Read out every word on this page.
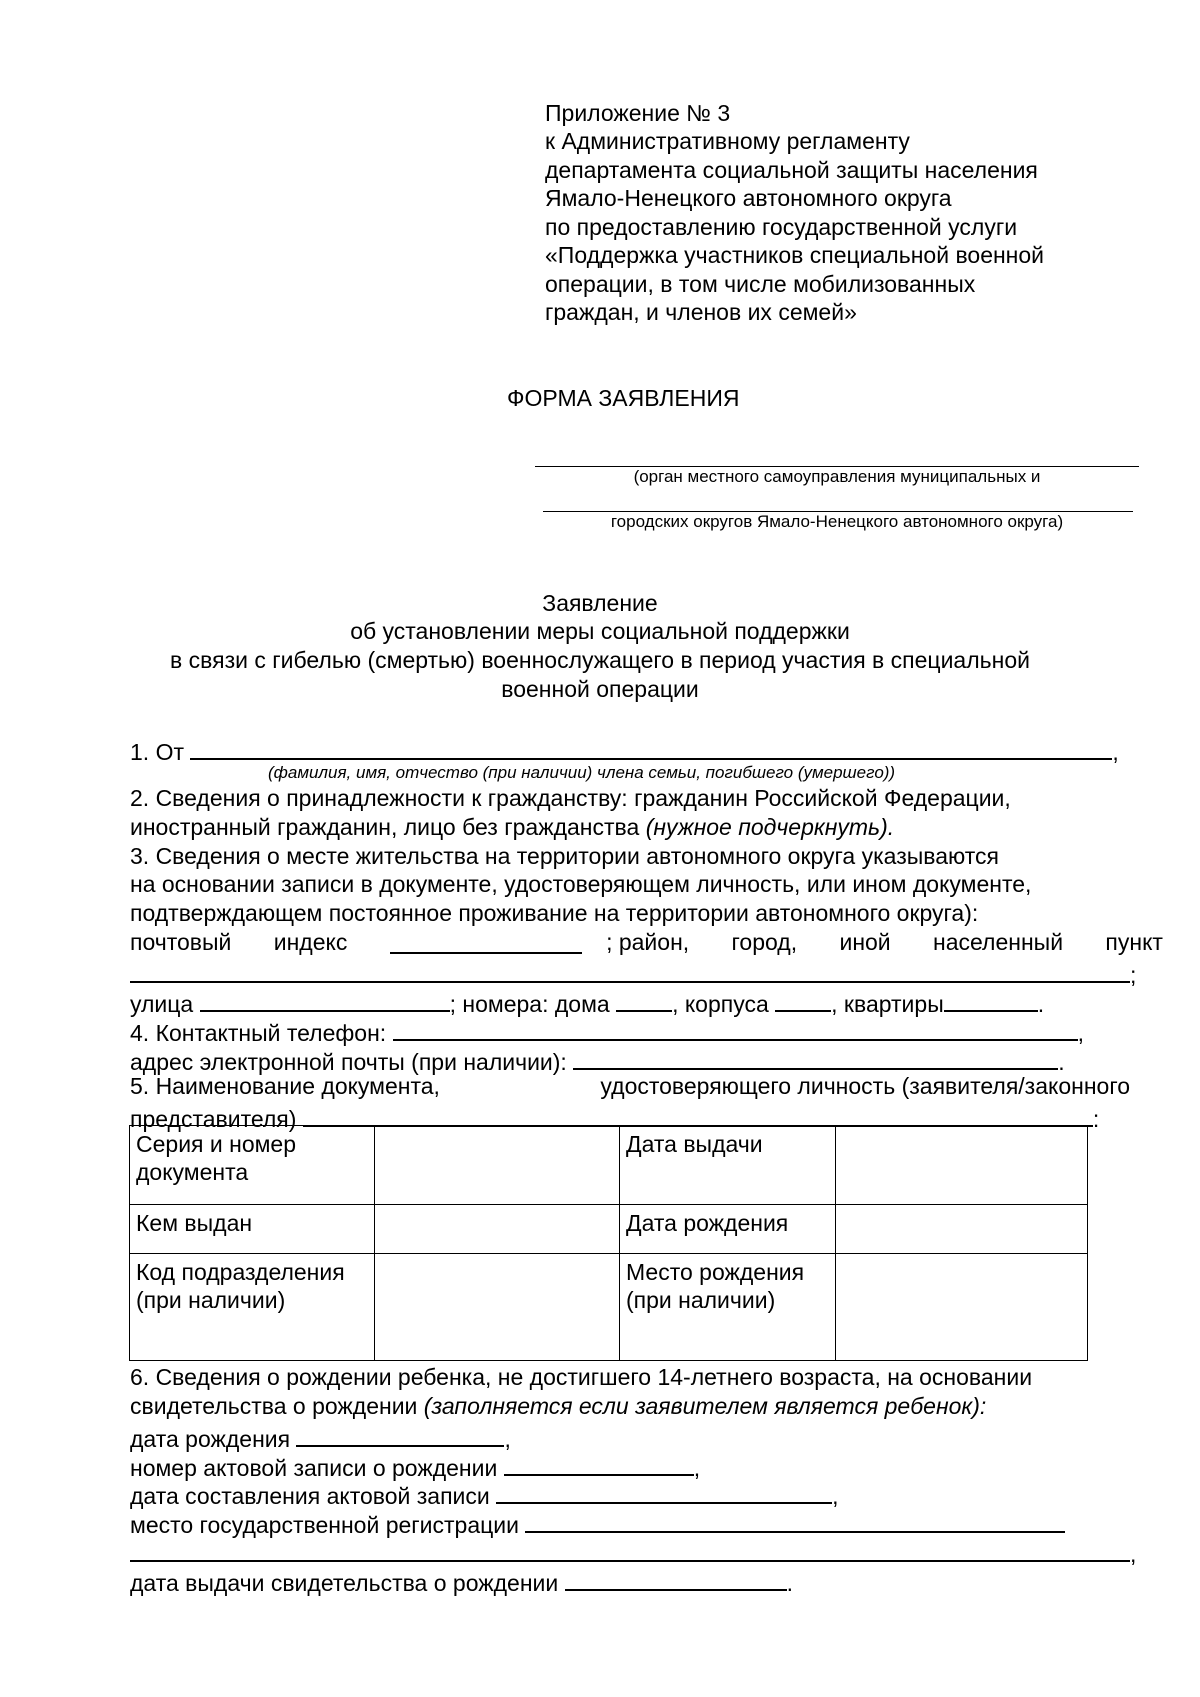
Приложение № 3
к Административному регламенту
департамента социальной защиты населения
Ямало-Ненецкого автономного округа
по предоставлению государственной услуги
«Поддержка участников специальной военной
операции, в том числе мобилизованных
граждан, и членов их семей»
ФОРМА ЗАЯВЛЕНИЯ
(орган местного самоуправления муниципальных и
городских округов Ямало-Ненецкого автономного округа)
Заявление
об установлении меры социальной поддержки
в связи с гибелью (смертью) военнослужащего в период участия в специальной
военной операции
1. От	,
(фамилия, имя, отчество (при наличии) члена семьи, погибшего (умершего))
2. Сведения о принадлежности к гражданству: гражданин Российской Федерации,
иностранный гражданин, лицо без гражданства (нужное подчеркнуть).
3. Сведения о месте жительства на территории автономного округа указываются
на основании записи в документе, удостоверяющем личность, или ином документе,
подтверждающем постоянное проживание на территории автономного округа):
почтовый индекс	; район, город, иной населенный пункт
;
улица	; номера: дома	, корпуса	, квартиры	.
4. Контактный телефон:	,
адрес электронной почты (при наличии):	.
5. Наименование документа,	удостоверяющего личность (заявителя/законного
представителя)	:
Серия и номер документа		Дата выдачи	
Кем выдан		Дата рождения	
Код подразделения (при наличии)		Место рождения (при наличии)	
6. Сведения о рождении ребенка, не достигшего 14-летнего возраста, на основании
свидетельства о рождении (заполняется если заявителем является ребенок):
дата рождения	,
номер актовой записи о рождении	,
дата составления актовой записи	,
место государственной регистрации
,
дата выдачи свидетельства о рождении	.
